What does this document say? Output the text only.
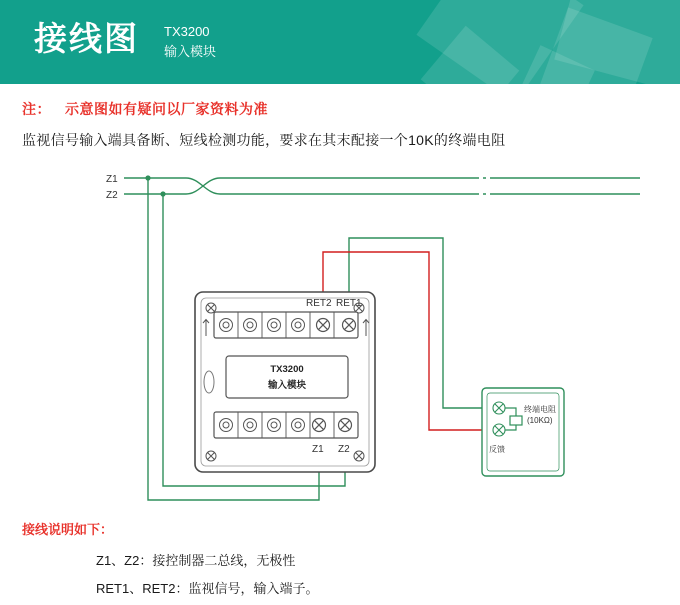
接线图 TX3200
输入模块
注： 示意图如有疑问以厂家资料为准
监视信号输入端具备断、短线检测功能，要求在其末配接一个10K的终端电阻
Z1
Z2
RET2 RET1
TX3200
输入模块
Z1 Z2	反馈
终端电阻
(10KΩ)
接线说明如下：
Z1、Z2：接控制器二总线，无极性
RET1、RET2：监视信号，输入端子。
